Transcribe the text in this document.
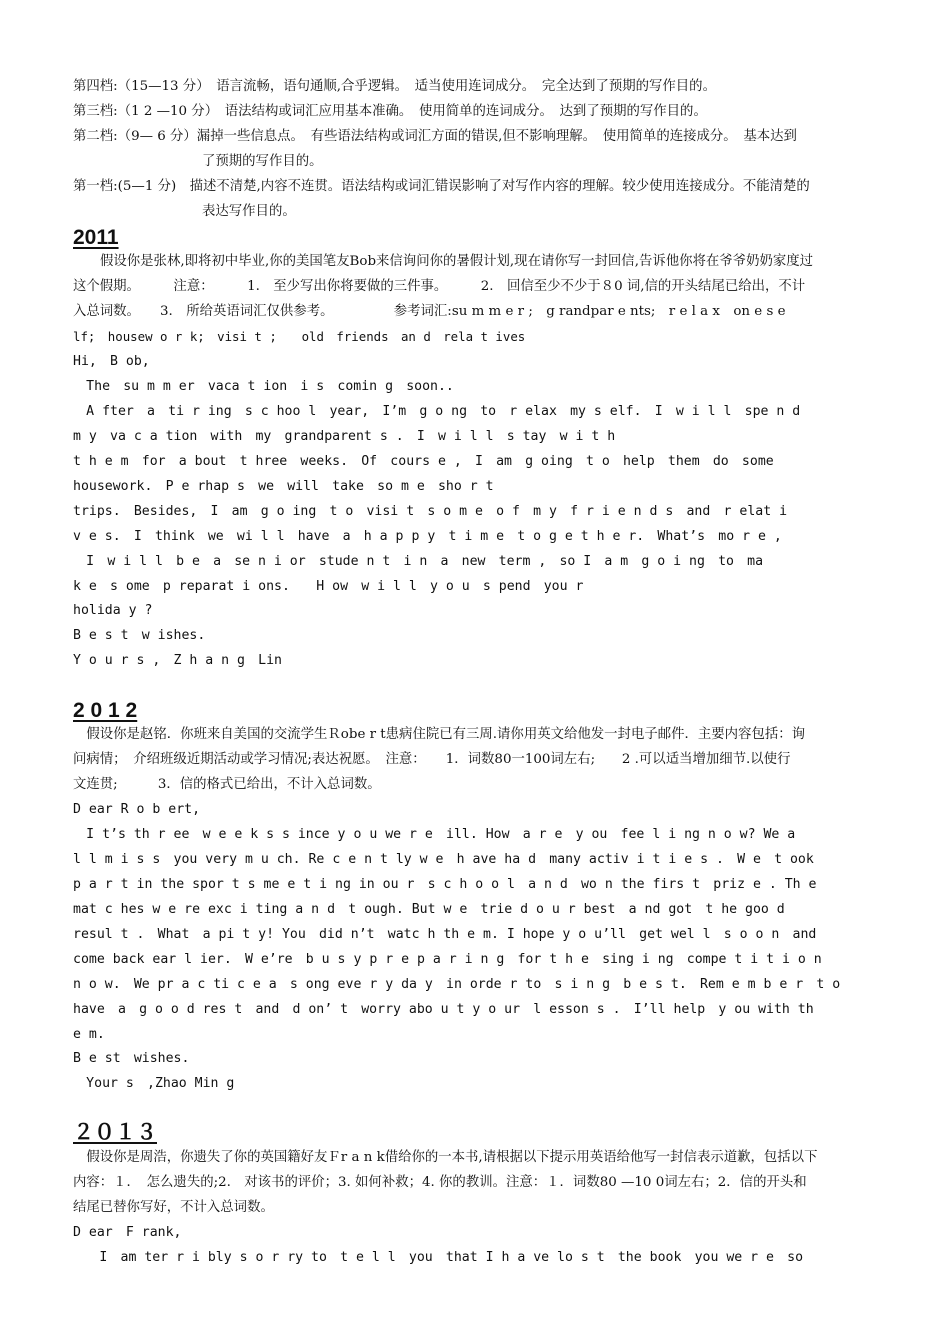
第四档:（15—13 分）　语言流畅，语句通顺,合乎逻辑。　适当使用连词成分。　完全达到了预期的写作目的。

第三档:（1 2 —10 分）　语法结构或词汇应用基本准确。　使用简单的连词成分。　达到了预期的写作目的。

第二档:（9— 6 分）漏掉一些信息点。　有些语法结构或词汇方面的错误,但不影响理解。　使用简单的连接成分。　基本达到

了预期的写作目的。

第一档:(5—1 分)　描述不清楚,内容不连贯。语法结构或词汇错误影响了对写作内容的理解。较少使用连接成分。不能清楚的

表达写作目的。

2011

假设你是张林,即将初中毕业,你的美国笔友Bob来信询问你的暑假计划,现在请你写一封回信,告诉他你将在爷爷奶奶家度过

这个假期。　　　注意：　　　1.　至少写出你将要做的三件事。　　　2.　回信至少不少于８0 词,信的开头结尾已给出，不计

入总词数。　　3.　所给英语词汇仅供参考。　　　　　参考词汇:su m m e r ;　g randpar e nts;　r e l a x　on e s e

lf;　housew o r k;　visi t ;　　old　friends　an d　rela t ives

Hi,　B ob,

　The　su m m er　vaca t ion　i s　comin g　soon..

　A fter　a　ti r ing　s c hoo l　year,　I’m　g o ng　to　r elax　my s elf.　I　w i l l　spe n d

m y　va c a tion　with　my　grandparent s .　I　w i l l　s tay　w i t h

t h e m　for　a bout　t hree　weeks.　Of　cours e ,　I　am　g oing　t o　help　them　do　some

housework.　P e rhap s　we　will　take　so m e　sho r t

trips.　Besides,　I　am　g o ing　t o　visi t　s o m e　o f　m y　f r i e n d s　and　r elat i

v e s.　I　think　we　wi l l　have　a　h a p p y　t i m e　t o g e t h e r.　What’s　mo r e ,

　I　w i l l　b e　a　se n i or　stude n t　i n　a　new　term ,　so I　a m　g o i ng　to　ma

k e　s ome　p reparat i ons.　　H ow　w i l l　y o u　s pend　you r

holida y ?

B e s t　w ishes.

Y o u r s ,　Z h a n g　Lin

2 0 1 2

　假设你是赵铭．你班来自美国的交流学生Ｒobe r t患病住院已有三周.请你用英文给他发一封电子邮件．主要内容包括：询

问病情；　介绍班级近期活动或学习情况;表达祝愿。　注意：　　1．词数80一100词左右;　　2 .可以适当增加细节.以使行

文连贯;　　　3．信的格式已给出，不计入总词数。

D ear R o b ert,

　I t’s th r ee　w e e k s s ince y o u we r e　ill. How　a r e　y ou　fee l i ng n o w? We a

l l m i s s　you very m u ch. Re c e n t ly w e　h ave ha d　many activ i t i e s .　W e　t ook

p a r t in the spor t s me e t i ng in ou r　s c h o o l　a n d　wo n the firs t　priz e . Th e

mat c hes w e re exc i ting a n d　t ough. But w e　trie d o u r best　a nd got　t he goo d

resul t .　What　a pi t y! You　did n’t　watc h th e m. I hope y o u’ll　get wel l　s o o n　and

come back ear l ier.　W e’re　b u s y p r e p a r i n g　for t h e　sing i ng　compe t i t i o n

n o w.　We pr a c ti c e a　s ong eve r y da y　in orde r to　s i n g　b e s t.　Rem e m b e r　t o

have　a　g o o d res t　and　d on’ t　worry abo u t y o ur　l esson s .　I’ll help　y ou with th

e m.

B e st　wishes.

　Your s　,Zhao Min g

２０１３

　假设你是周浩，你遗失了你的英国籍好友Ｆr a n k借给你的一本书,请根据以下提示用英语给他写一封信表示道歉，包括以下

内容：１．　怎么遗失的;2.　对该书的评价；3. 如何补救；4. 你的教训。注意：１．词数80 —10 0词左右；2．信的开头和

结尾已替你写好，不计入总词数。

D ear　F rank,

　　I　am ter r i bly s o r ry to　t e l l　you　that I h a ve lo s t　the book　you we r e　so
